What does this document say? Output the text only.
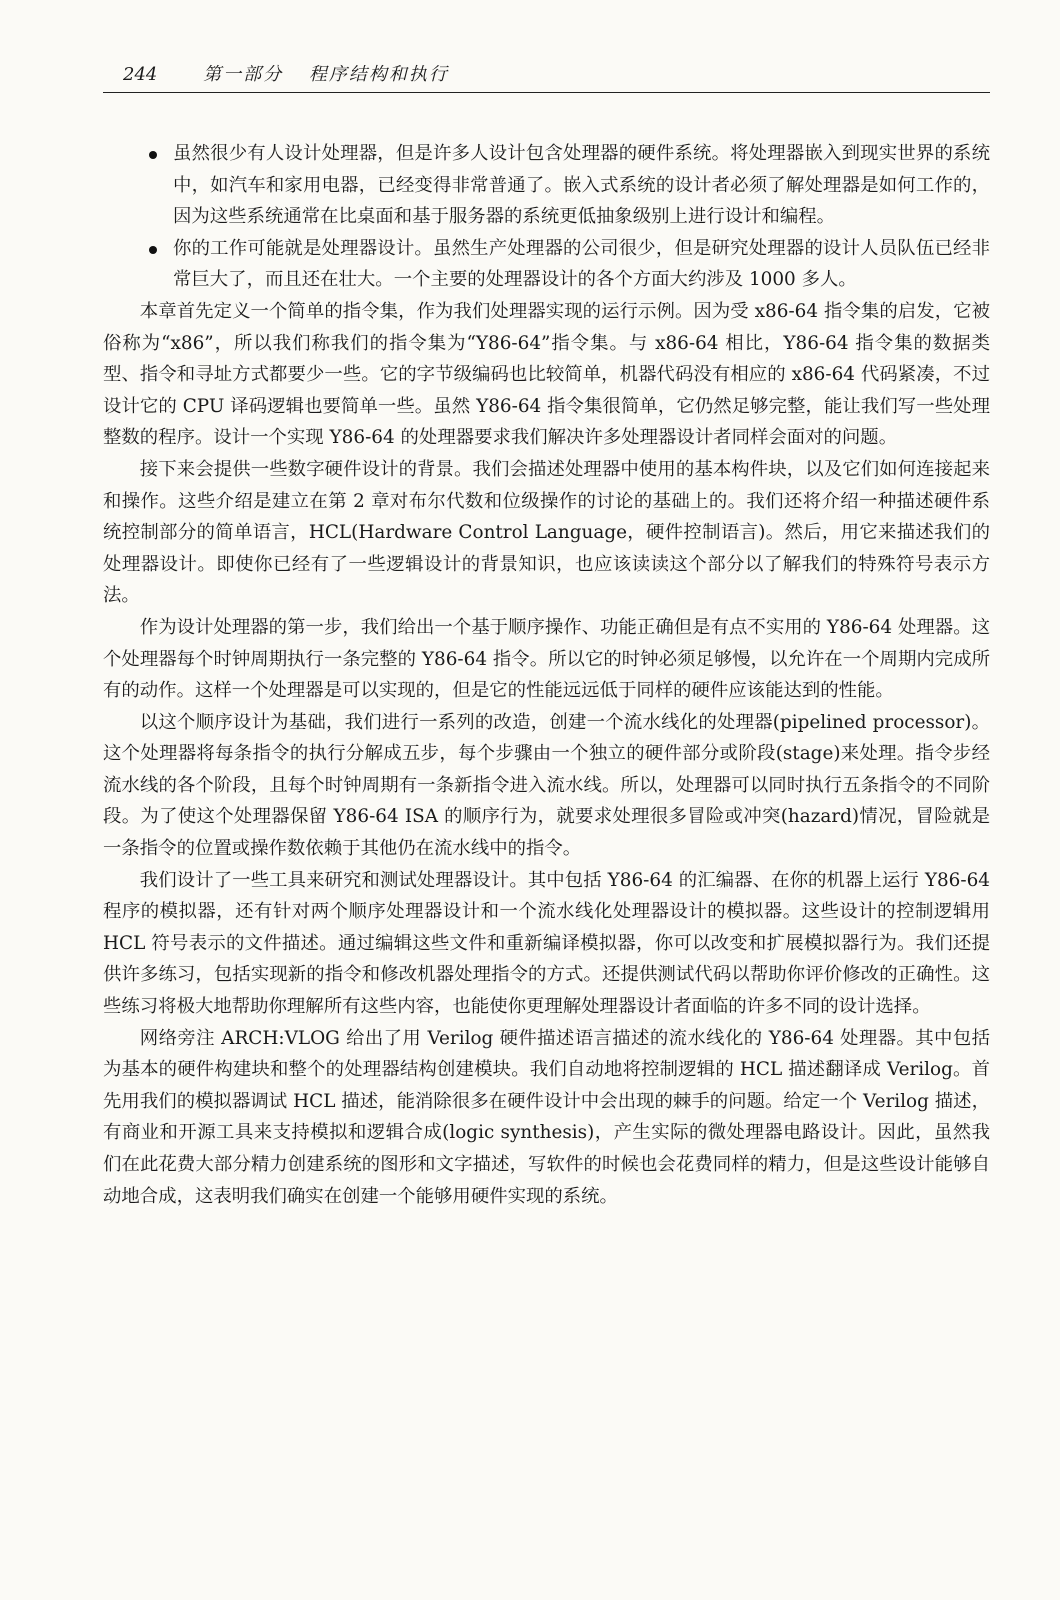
244	第一部分 程序结构和执行
虽然很少有人设计处理器，但是许多人设计包含处理器的硬件系统。将处理器嵌入到现实世界的系统中，如汽车和家用电器，已经变得非常普通了。嵌入式系统的设计者必须了解处理器是如何工作的，因为这些系统通常在比桌面和基于服务器的系统更低抽象级别上进行设计和编程。
你的工作可能就是处理器设计。虽然生产处理器的公司很少，但是研究处理器的设计人员队伍已经非常巨大了，而且还在壮大。一个主要的处理器设计的各个方面大约涉及 1000 多人。

本章首先定义一个简单的指令集，作为我们处理器实现的运行示例。因为受 x86-64 指令集的启发，它被俗称为“x86”，所以我们称我们的指令集为“Y86-64”指令集。与 x86-64 相比，Y86-64 指令集的数据类型、指令和寻址方式都要少一些。它的字节级编码也比较简单，机器代码没有相应的 x86-64 代码紧凑，不过设计它的 CPU 译码逻辑也要简单一些。虽然 Y86-64 指令集很简单，它仍然足够完整，能让我们写一些处理整数的程序。设计一个实现 Y86-64 的处理器要求我们解决许多处理器设计者同样会面对的问题。

接下来会提供一些数字硬件设计的背景。我们会描述处理器中使用的基本构件块，以及它们如何连接起来和操作。这些介绍是建立在第 2 章对布尔代数和位级操作的讨论的基础上的。我们还将介绍一种描述硬件系统控制部分的简单语言，HCL(Hardware Control Language，硬件控制语言)。然后，用它来描述我们的处理器设计。即使你已经有了一些逻辑设计的背景知识，也应该读读这个部分以了解我们的特殊符号表示方法。

作为设计处理器的第一步，我们给出一个基于顺序操作、功能正确但是有点不实用的 Y86-64 处理器。这个处理器每个时钟周期执行一条完整的 Y86-64 指令。所以它的时钟必须足够慢，以允许在一个周期内完成所有的动作。这样一个处理器是可以实现的，但是它的性能远远低于同样的硬件应该能达到的性能。

以这个顺序设计为基础，我们进行一系列的改造，创建一个流水线化的处理器(pipelined processor)。这个处理器将每条指令的执行分解成五步，每个步骤由一个独立的硬件部分或阶段(stage)来处理。指令步经流水线的各个阶段，且每个时钟周期有一条新指令进入流水线。所以，处理器可以同时执行五条指令的不同阶段。为了使这个处理器保留 Y86-64 ISA 的顺序行为，就要求处理很多冒险或冲突(hazard)情况，冒险就是一条指令的位置或操作数依赖于其他仍在流水线中的指令。

我们设计了一些工具来研究和测试处理器设计。其中包括 Y86-64 的汇编器、在你的机器上运行 Y86-64 程序的模拟器，还有针对两个顺序处理器设计和一个流水线化处理器设计的模拟器。这些设计的控制逻辑用 HCL 符号表示的文件描述。通过编辑这些文件和重新编译模拟器，你可以改变和扩展模拟器行为。我们还提供许多练习，包括实现新的指令和修改机器处理指令的方式。还提供测试代码以帮助你评价修改的正确性。这些练习将极大地帮助你理解所有这些内容，也能使你更理解处理器设计者面临的许多不同的设计选择。

网络旁注 ARCH:VLOG 给出了用 Verilog 硬件描述语言描述的流水线化的 Y86-64 处理器。其中包括为基本的硬件构建块和整个的处理器结构创建模块。我们自动地将控制逻辑的 HCL 描述翻译成 Verilog。首先用我们的模拟器调试 HCL 描述，能消除很多在硬件设计中会出现的棘手的问题。给定一个 Verilog 描述，有商业和开源工具来支持模拟和逻辑合成(logic synthesis)，产生实际的微处理器电路设计。因此，虽然我们在此花费大部分精力创建系统的图形和文字描述，写软件的时候也会花费同样的精力，但是这些设计能够自动地合成，这表明我们确实在创建一个能够用硬件实现的系统。
